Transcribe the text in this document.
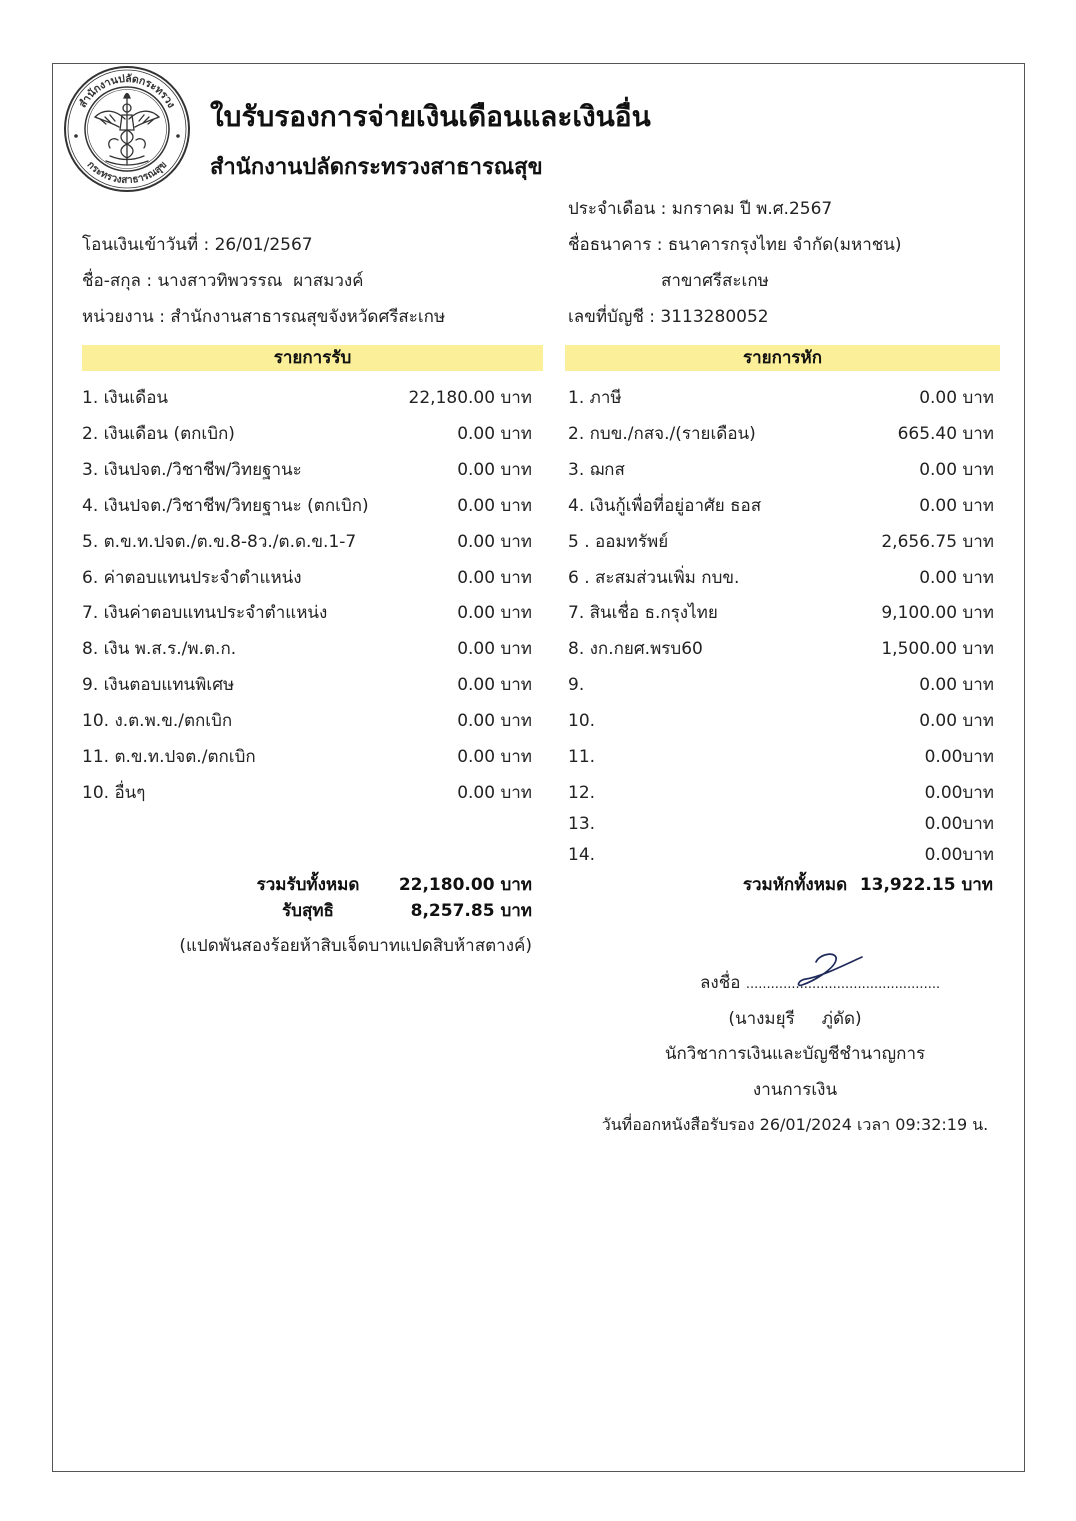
สำนักงานปลัดกระทรวง
กระทรวงสาธารณสุข
ใบรับรองการจ่ายเงินเดือนและเงินอื่น
สำนักงานปลัดกระทรวงสาธารณสุข
ประจำเดือน : มกราคม ปี พ.ศ.2567
โอนเงินเข้าวันที่ : 26/01/2567	ชื่อธนาคาร : ธนาคารกรุงไทย จำกัด(มหาชน)
ชื่อ-สกุล : นางสาวทิพวรรณ  ผาสมวงค์	สาขาศรีสะเกษ
หน่วยงาน : สำนักงานสาธารณสุขจังหวัดศรีสะเกษ	เลขที่บัญชี : 3113280052
รายการรับ	รายการหัก
1. เงินเดือน	22,180.00 บาท
2. เงินเดือน (ตกเบิก)	0.00 บาท
3. เงินปจต./วิชาชีพ/วิทยฐานะ	0.00 บาท
4. เงินปจต./วิชาชีพ/วิทยฐานะ (ตกเบิก)	0.00 บาท
5. ต.ข.ท.ปจต./ต.ข.8-8ว./ต.ด.ข.1-7	0.00 บาท
6. ค่าตอบแทนประจำตำแหน่ง	0.00 บาท
7. เงินค่าตอบแทนประจำตำแหน่ง	0.00 บาท
8. เงิน พ.ส.ร./พ.ต.ก.	0.00 บาท
9. เงินตอบแทนพิเศษ	0.00 บาท
10. ง.ต.พ.ข./ตกเบิก	0.00 บาท
11. ต.ข.ท.ปจต./ตกเบิก	0.00 บาท
10. อื่นๆ	0.00 บาท
1. ภาษี	0.00 บาท
2. กบข./กสจ./(รายเดือน)	665.40 บาท
3. ฌกส	0.00 บาท
4. เงินกู้เพื่อที่อยู่อาศัย ธอส	0.00 บาท
5 . ออมทรัพย์	2,656.75 บาท
6 . สะสมส่วนเพิ่ม กบข.	0.00 บาท
7. สินเชื่อ ธ.กรุงไทย	9,100.00 บาท
8. งก.กยศ.พรบ60	1,500.00 บาท
9.	0.00 บาท
10.	0.00 บาท
11.	0.00บาท
12.	0.00บาท
13.	0.00บาท
14.	0.00บาท
รวมรับทั้งหมด	22,180.00 บาท
รับสุทธิ	8,257.85 บาท
(แปดพันสองร้อยห้าสิบเจ็ดบาทแปดสิบห้าสตางค์)
รวมหักทั้งหมด 13,922.15 บาท
ลงชื่อ ...............................................
(นางมยุรี     ภู่ดัด)
นักวิชาการเงินและบัญชีชำนาญการ
งานการเงิน
วันที่ออกหนังสือรับรอง 26/01/2024 เวลา 09:32:19 น.
